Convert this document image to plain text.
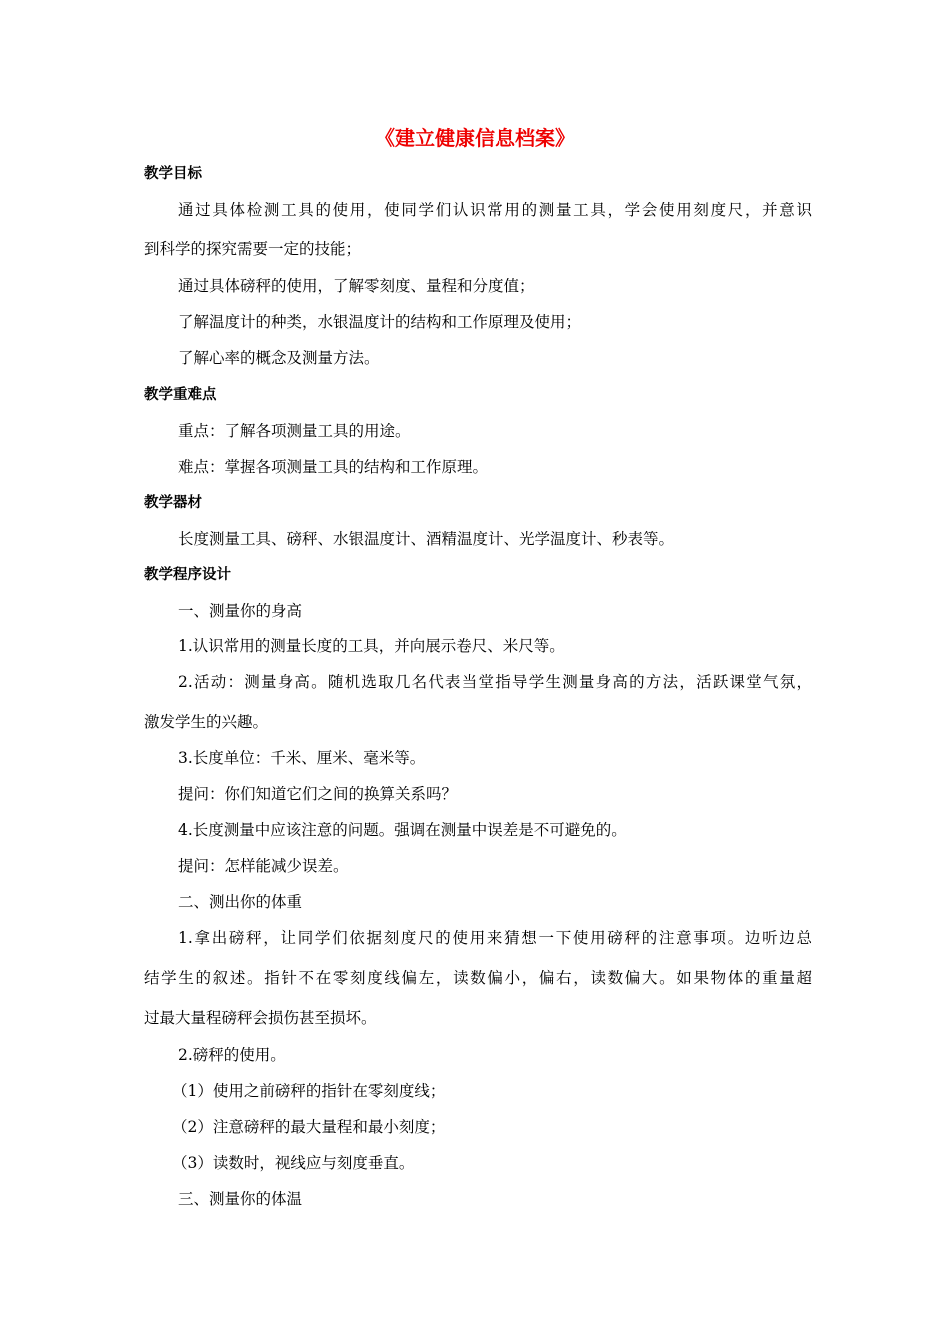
《建立健康信息档案》

教学目标

通过具体检测工具的使用，使同学们认识常用的测量工具，学会使用刻度尺，并意识

到科学的探究需要一定的技能；

通过具体磅秤的使用，了解零刻度、量程和分度值；

了解温度计的种类，水银温度计的结构和工作原理及使用；

了解心率的概念及测量方法。

教学重难点

重点：了解各项测量工具的用途。

难点：掌握各项测量工具的结构和工作原理。

教学器材

长度测量工具、磅秤、水银温度计、酒精温度计、光学温度计、秒表等。

教学程序设计

一、测量你的身高

1.认识常用的测量长度的工具，并向展示卷尺、米尺等。

2.活动：测量身高。随机选取几名代表当堂指导学生测量身高的方法，活跃课堂气氛，

激发学生的兴趣。

3.长度单位：千米、厘米、毫米等。

提问：你们知道它们之间的换算关系吗？

4.长度测量中应该注意的问题。强调在测量中误差是不可避免的。

提问：怎样能减少误差。

二、测出你的体重

1.拿出磅秤，让同学们依据刻度尺的使用来猜想一下使用磅秤的注意事项。边听边总

结学生的叙述。指针不在零刻度线偏左，读数偏小，偏右，读数偏大。如果物体的重量超

过最大量程磅秤会损伤甚至损坏。

2.磅秤的使用。

（1）使用之前磅秤的指针在零刻度线；

（2）注意磅秤的最大量程和最小刻度；

（3）读数时，视线应与刻度垂直。

三、测量你的体温
